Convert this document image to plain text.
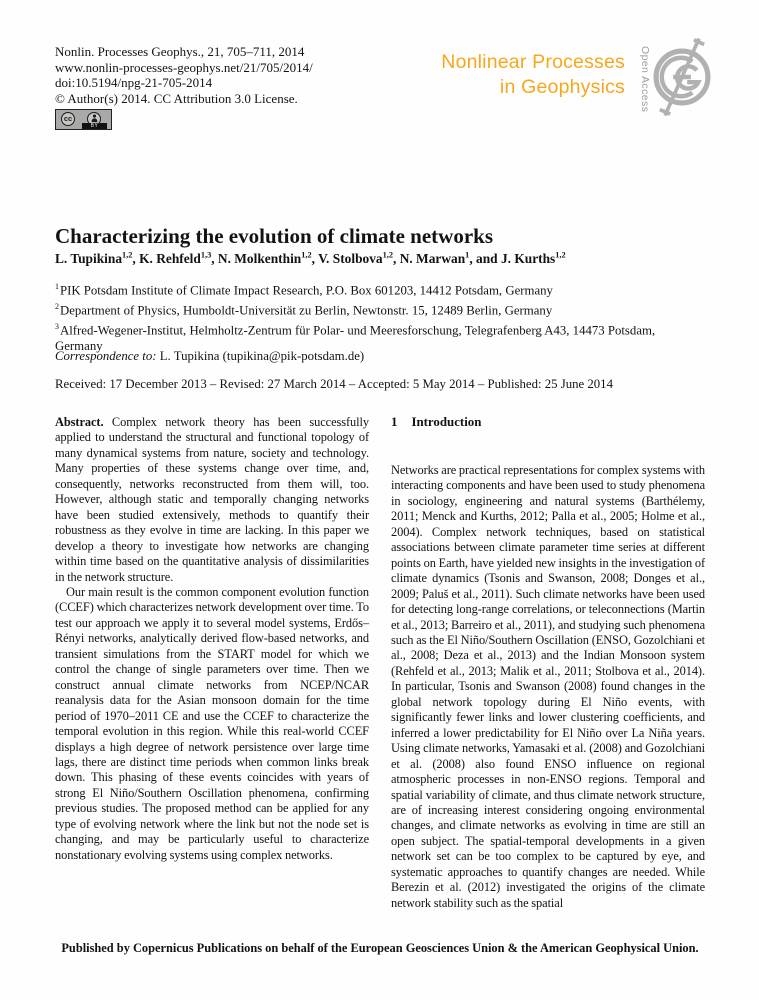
Nonlin. Processes Geophys., 21, 705–711, 2014
www.nonlin-processes-geophys.net/21/705/2014/
doi:10.5194/npg-21-705-2014
© Author(s) 2014. CC Attribution 3.0 License.
cc
BY
Nonlinear Processes
in Geophysics Open Access
Characterizing the evolution of climate networks
L. Tupikina$^{1,2}$, K. Rehfeld$^{1,3}$, N. Molkenthin$^{1,2}$, V. Stolbova$^{1,2}$, N. Marwan$^1$, and J. Kurths$^{1,2}$
$^1$PIK Potsdam Institute of Climate Impact Research, P.O. Box 601203, 14412 Potsdam, Germany
$^2$Department of Physics, Humboldt-Universität zu Berlin, Newtonstr. 15, 12489 Berlin, Germany
$^3$Alfred-Wegener-Institut, Helmholtz-Zentrum für Polar- und Meeresforschung, Telegrafenberg A43, 14473 Potsdam, Germany
Correspondence to: L. Tupikina (tupikina@pik-potsdam.de)
Received: 17 December 2013 – Revised: 27 March 2014 – Accepted: 5 May 2014 – Published: 25 June 2014

Abstract. Complex network theory has been successfully applied to understand the structural and functional topology of many dynamical systems from nature, society and technology. Many properties of these systems change over time, and, consequently, networks reconstructed from them will, too. However, although static and temporally changing networks have been studied extensively, methods to quantify their robustness as they evolve in time are lacking. In this paper we develop a theory to investigate how networks are changing within time based on the quantitative analysis of dissimilarities in the network structure.

Our main result is the common component evolution function (CCEF) which characterizes network development over time. To test our approach we apply it to several model systems, Erdős–Rényi networks, analytically derived flow-based networks, and transient simulations from the START model for which we control the change of single parameters over time. Then we construct annual climate networks from NCEP/NCAR reanalysis data for the Asian monsoon domain for the time period of 1970–2011 CE and use the CCEF to characterize the temporal evolution in this region. While this real-world CCEF displays a high degree of network persistence over large time lags, there are distinct time periods when common links break down. This phasing of these events coincides with years of strong El Niño/Southern Oscillation phenomena, confirming previous studies. The proposed method can be applied for any type of evolving network where the link but not the node set is changing, and may be particularly useful to characterize nonstationary evolving systems using complex networks.

1 Introduction

Networks are practical representations for complex systems with interacting components and have been used to study phenomena in sociology, engineering and natural systems (Barthélemy, 2011; Menck and Kurths, 2012; Palla et al., 2005; Holme et al., 2004). Complex network techniques, based on statistical associations between climate parameter time series at different points on Earth, have yielded new insights in the investigation of climate dynamics (Tsonis and Swanson, 2008; Donges et al., 2009; Paluš et al., 2011). Such climate networks have been used for detecting long-range correlations, or teleconnections (Martin et al., 2013; Barreiro et al., 2011), and studying such phenomena such as the El Niño/Southern Oscillation (ENSO, Gozolchiani et al., 2008; Deza et al., 2013) and the Indian Monsoon system (Rehfeld et al., 2013; Malik et al., 2011; Stolbova et al., 2014). In particular, Tsonis and Swanson (2008) found changes in the global network topology during El Niño events, with significantly fewer links and lower clustering coefficients, and inferred a lower predictability for El Niño over La Niña years. Using climate networks, Yamasaki et al. (2008) and Gozolchiani et al. (2008) also found ENSO influence on regional atmospheric processes in non-ENSO regions. Temporal and spatial variability of climate, and thus climate network structure, are of increasing interest considering ongoing environmental changes, and climate networks as evolving in time are still an open subject. The spatial-temporal developments in a given network set can be too complex to be captured by eye, and systematic approaches to quantify changes are needed. While Berezin et al. (2012) investigated the origins of the climate network stability such as the spatial

Published by Copernicus Publications on behalf of the European Geosciences Union & the American Geophysical Union.
